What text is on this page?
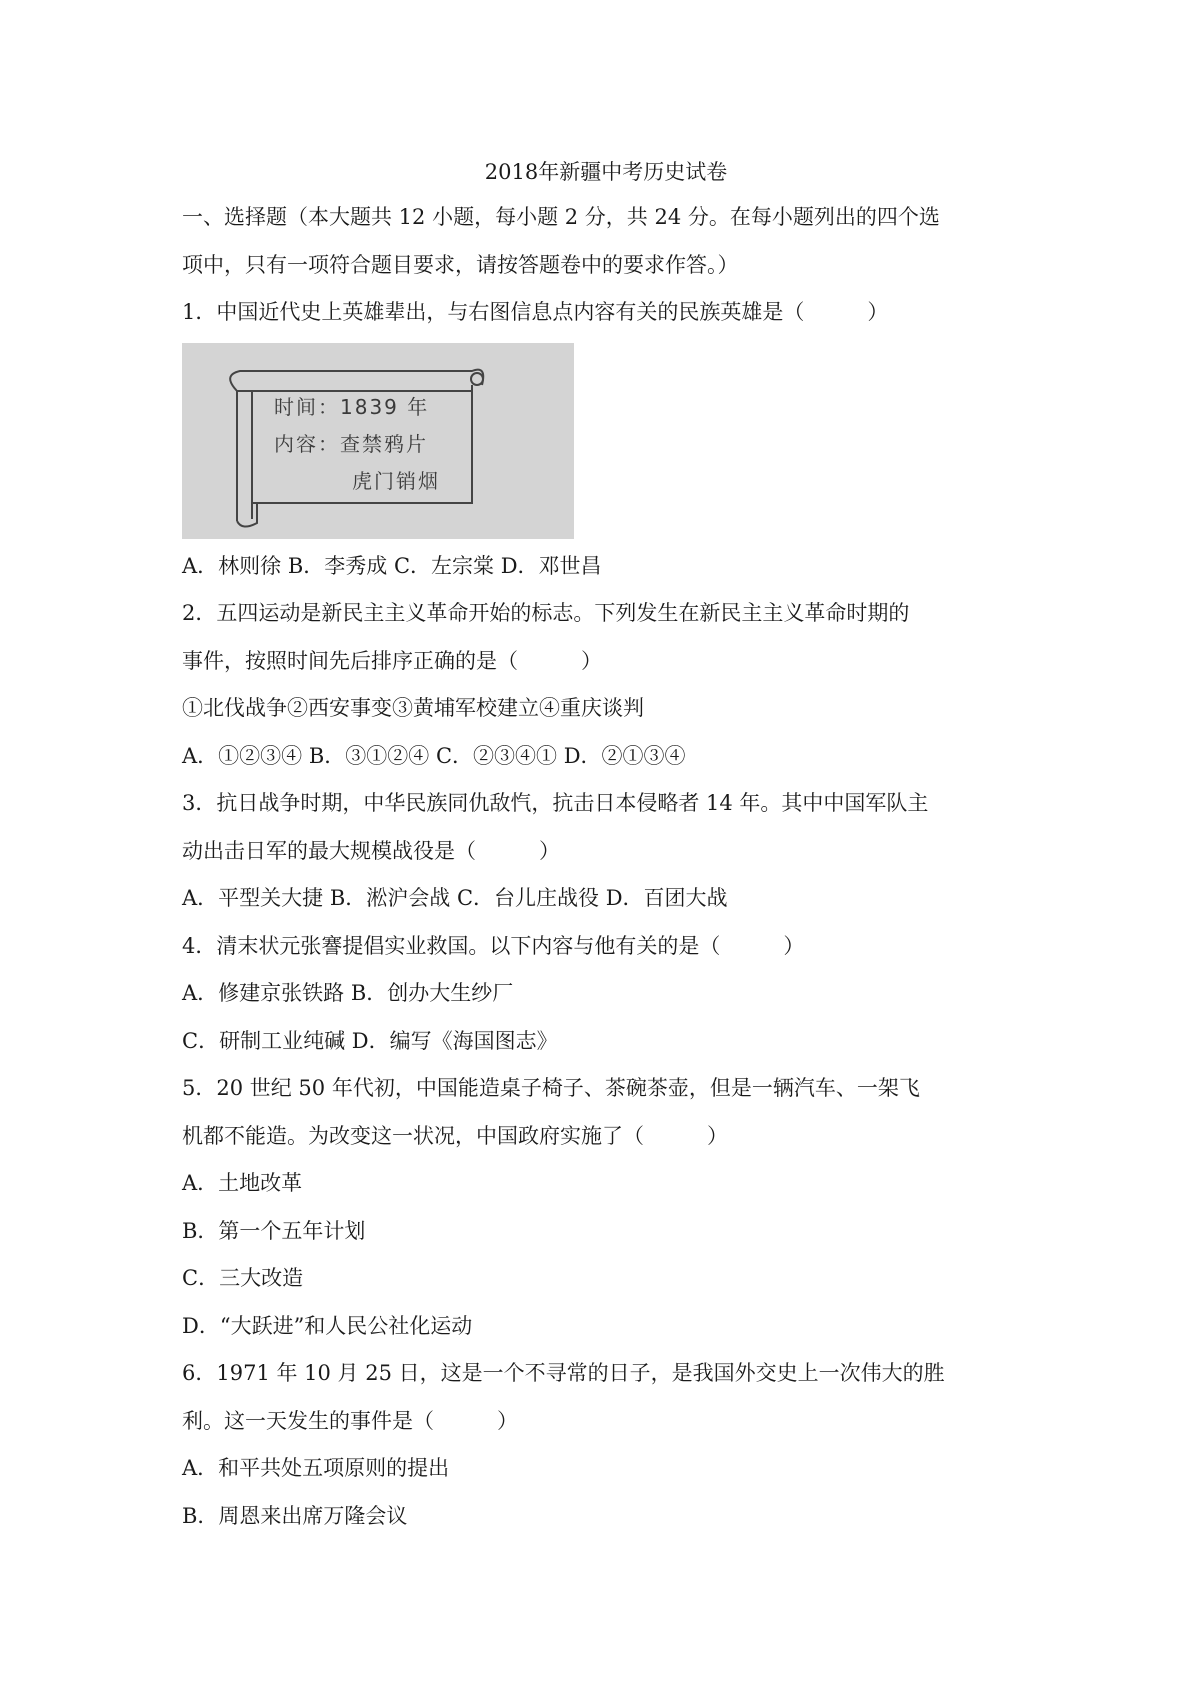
2018年新疆中考历史试卷

一、选择题（本大题共 12 小题，每小题 2 分，共 24 分。在每小题列出的四个选

项中，只有一项符合题目要求，请按答题卷中的要求作答。）

1．中国近代史上英雄辈出，与右图信息点内容有关的民族英雄是（　　　）

时间：1839 年
内容：查禁鸦片
虎门销烟

A．林则徐 B．李秀成 C．左宗棠 D．邓世昌

2．五四运动是新民主主义革命开始的标志。下列发生在新民主主义革命时期的

事件，按照时间先后排序正确的是（　　　）

①北伐战争②西安事变③黄埔军校建立④重庆谈判

A．①②③④ B．③①②④ C．②③④① D．②①③④

3．抗日战争时期，中华民族同仇敌忾，抗击日本侵略者 14 年。其中中国军队主

动出击日军的最大规模战役是（　　　）

A．平型关大捷 B．淞沪会战 C．台儿庄战役 D．百团大战

4．清末状元张謇提倡实业救国。以下内容与他有关的是（　　　）

A．修建京张铁路 B．创办大生纱厂

C．研制工业纯碱 D．编写《海国图志》

5．20 世纪 50 年代初，中国能造桌子椅子、茶碗茶壶，但是一辆汽车、一架飞

机都不能造。为改变这一状况，中国政府实施了（　　　）

A．土地改革

B．第一个五年计划

C．三大改造

D．“大跃进”和人民公社化运动

6．1971 年 10 月 25 日，这是一个不寻常的日子，是我国外交史上一次伟大的胜

利。这一天发生的事件是（　　　）

A．和平共处五项原则的提出

B．周恩来出席万隆会议
